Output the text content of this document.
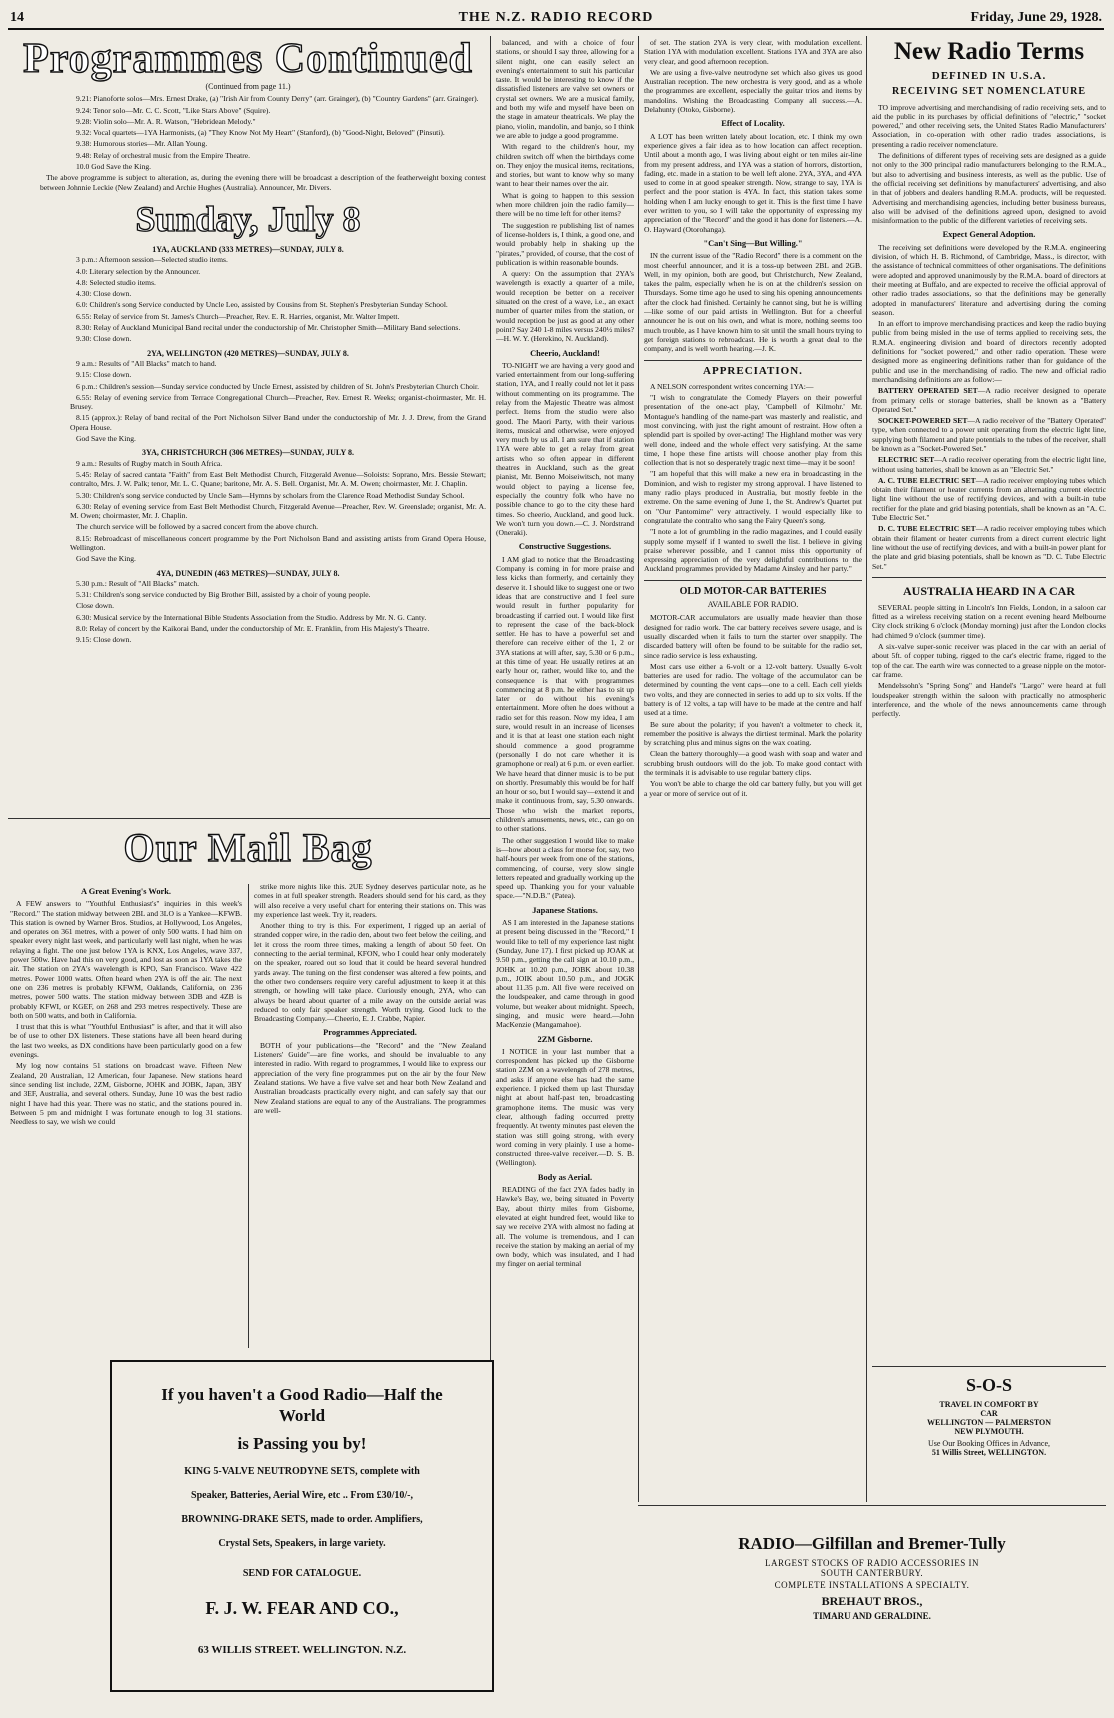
14	THE N.Z. RADIO RECORD	Friday, June 29, 1928.
Programmes Continued
(Continued from page 11.)

9.21: Pianoforte solos—Mrs. Ernest Drake, (a) "Irish Air from County Derry" (arr. Grainger), (b) "Country Gardens" (arr. Grainger).

9.24: Tenor solo—Mr. C. C. Scott, "Like Stars Above" (Squire).

9.28: Violin solo—Mr. A. R. Watson, "Hebridean Melody."

9.32: Vocal quartets—1YA Harmonists, (a) "They Know Not My Heart" (Stanford), (b) "Good-Night, Beloved" (Pinsuti).

9.38: Humorous stories—Mr. Allan Young.

9.48: Relay of orchestral music from the Empire Theatre.

10.0 God Save the King.

The above programme is subject to alteration, as, during the evening there will be broadcast a description of the featherweight boxing contest between Johnnie Leckie (New Zealand) and Archie Hughes (Australia). Announcer, Mr. Divers.

Sunday, July 8
1YA, AUCKLAND (333 METRES)—SUNDAY, JULY 8.

3 p.m.: Afternoon session—Selected studio items.

4.0: Literary selection by the Announcer.

4.8: Selected studio items.

4.30: Close down.

6.0: Children's song Service conducted by Uncle Leo, assisted by Cousins from St. Stephen's Presbyterian Sunday School.

6.55: Relay of service from St. James's Church—Preacher, Rev. E. R. Harries, organist, Mr. Walter Impett.

8.30: Relay of Auckland Municipal Band recital under the conductorship of Mr. Christopher Smith—Military Band selections.

9.30: Close down.

2YA, WELLINGTON (420 METRES)—SUNDAY, JULY 8.

9 a.m.: Results of "All Blacks" match to hand.

9.15: Close down.

6 p.m.: Children's session—Sunday service conducted by Uncle Ernest, assisted by children of St. John's Presbyterian Church Choir.

6.55: Relay of evening service from Terrace Congregational Church—Preacher, Rev. Ernest R. Weeks; organist-choirmaster, Mr. H. Brusey.

8.15 (approx.): Relay of band recital of the Port Nicholson Silver Band under the conductorship of Mr. J. J. Drew, from the Grand Opera House.

God Save the King.

3YA, CHRISTCHURCH (306 METRES)—SUNDAY, JULY 8.

9 a.m.: Results of Rugby match in South Africa.

5.45: Relay of sacred cantata "Faith" from East Belt Methodist Church, Fitzgerald Avenue—Soloists: Soprano, Mrs. Bessie Stewart; contralto, Mrs. J. W. Palk; tenor, Mr. L. C. Quane; baritone, Mr. A. S. Bell. Organist, Mr. A. M. Owen; choirmaster, Mr. J. Chaplin.

5.30: Children's song service conducted by Uncle Sam—Hymns by scholars from the Clarence Road Methodist Sunday School.

6.30: Relay of evening service from East Belt Methodist Church, Fitzgerald Avenue—Preacher, Rev. W. Greenslade; organist, Mr. A. M. Owen; choirmaster, Mr. J. Chaplin.

The church service will be followed by a sacred concert from the above church.

8.15: Rebroadcast of miscellaneous concert programme by the Port Nicholson Band and assisting artists from Grand Opera House, Wellington.

God Save the King.

4YA, DUNEDIN (463 METRES)—SUNDAY, JULY 8.

5.30 p.m.: Result of "All Blacks" match.

5.31: Children's song service conducted by Big Brother Bill, assisted by a choir of young people.

Close down.

6.30: Musical service by the International Bible Students Association from the Studio. Address by Mr. N. G. Canty.

8.0: Relay of concert by the Kaikorai Band, under the conductorship of Mr. E. Franklin, from His Majesty's Theatre.

9.15: Close down.

Our Mail Bag
A Great Evening's Work.

A FEW answers to "Youthful Enthusiast's" inquiries in this week's "Record." The station midway between 2BL and 3LO is a Yankee—KFWB. This station is owned by Warner Bros. Studios, at Hollywood, Los Angeles, and operates on 361 metres, with a power of only 500 watts. I had him on speaker every night last week, and particularly well last night, when he was relaying a fight. The one just below 1YA is KNX, Los Angeles, wave 337, power 500w. Have had this on very good, and lost as soon as 1YA takes the air. The station on 2YA's wavelength is KPO, San Francisco. Wave 422 metres. Power 1000 watts. Often heard when 2YA is off the air. The next one on 236 metres is probably KFWM, Oaklands, California, on 236 metres, power 500 watts. The station midway between 3DB and 4ZB is probably KFWI, or KGEF, on 268 and 293 metres respectively. These are both on 500 watts, and both in California.

I trust that this is what "Youthful Enthusiast" is after, and that it will also be of use to other DX listeners. These stations have all been heard during the last two weeks, as DX conditions have been particularly good on a few evenings.

My log now contains 51 stations on broadcast wave. Fifteen New Zealand, 20 Australian, 12 American, four Japanese. New stations heard since sending list include, 2ZM, Gisborne, JOHK and JOBK, Japan, 3BY and 3EF, Australia, and several others. Sunday, June 10 was the best radio night I have had this year. There was no static, and the stations poured in. Between 5 pm and midnight I was fortunate enough to log 31 stations. Needless to say, we wish we could

strike more nights like this. 2UE Sydney deserves particular note, as he comes in at full speaker strength. Readers should send for his card, as they will also receive a very useful chart for entering their stations on. This was my experience last week. Try it, readers.

Another thing to try is this. For experiment, I rigged up an aerial of stranded copper wire, in the radio den, about two feet below the ceiling, and let it cross the room three times, making a length of about 50 feet. On connecting to the aerial terminal, KFON, who I could hear only moderately on the speaker, roared out so loud that it could be heard several hundred yards away. The tuning on the first condenser was altered a few points, and the other two condensers require very careful adjustment to keep it at this strength, or howling will take place. Curiously enough, 2YA, who can always be heard about quarter of a mile away on the outside aerial was reduced to only fair speaker strength. Worth trying. Good luck to the Broadcasting Company.—Cheerio, E. J. Crabbe, Napier.

Programmes Appreciated.

BOTH of your publications—the "Record" and the "New Zealand Listeners' Guide"—are fine works, and should be invaluable to any interested in radio. With regard to programmes, I would like to express our appreciation of the very fine programmes put on the air by the four New Zealand stations. We have a five valve set and hear both New Zealand and Australian broadcasts practically every night, and can safely say that our New Zealand stations are equal to any of the Australians. The programmes are well-

If you haven't a Good Radio—Half the World
is Passing you by!
KING 5-VALVE NEUTRODYNE SETS, complete with
Speaker, Batteries, Aerial Wire, etc .. From £30/10/-,
BROWNING-DRAKE SETS, made to order. Amplifiers,
Crystal Sets, Speakers, in large variety.
SEND FOR CATALOGUE.
F. J. W. FEAR AND CO.,
63 WILLIS STREET. WELLINGTON. N.Z.

balanced, and with a choice of four stations, or should I say three, allowing for a silent night, one can easily select an evening's entertainment to suit his particular taste. It would be interesting to know if the dissatisfied listeners are valve set owners or crystal set owners. We are a musical family, and both my wife and myself have been on the stage in amateur theatricals. We play the piano, violin, mandolin, and banjo, so I think we are able to judge a good programme.

With regard to the children's hour, my children switch off when the birthdays come on. They enjoy the musical items, recitations, and stories, but want to know why so many want to hear their names over the air.

What is going to happen to this session when more children join the radio family—there will be no time left for other items?

The suggestion re publishing list of names of license-holders is, I think, a good one, and would probably help in shaking up the "pirates," provided, of course, that the cost of publication is within reasonable bounds.

A query: On the assumption that 2YA's wavelength is exactly a quarter of a mile, would reception be better on a receiver situated on the crest of a wave, i.e., an exact number of quarter miles from the station, or would reception be just as good at any other point? Say 240 1-8 miles versus 240½ miles?—H. W. Y. (Herekino, N. Auckland).

Cheerio, Auckland!

TO-NIGHT we are having a very good and varied entertainment from our long-suffering station, 1YA, and I really could not let it pass without commenting on its programme. The relay from the Majestic Theatre was almost perfect. Items from the studio were also good. The Maori Party, with their various items, musical and otherwise, were enjoyed very much by us all. I am sure that if station 1YA were able to get a relay from great artists who so often appear in different theatres in Auckland, such as the great pianist, Mr. Benno Moiseiwitsch, not many would object to paying a license fee, especially the country folk who have no possible chance to go to the city these hard times. So cheerio, Auckland, and good luck. We won't turn you down.—C. J. Nordstrand (Oneraki).

Constructive Suggestions.

I AM glad to notice that the Broadcasting Company is coming in for more praise and less kicks than formerly, and certainly they deserve it. I should like to suggest one or two ideas that are constructive and I feel sure would result in further popularity for broadcasting if carried out. I would like first to represent the case of the back-block settler. He has to have a powerful set and therefore can receive either of the 1, 2 or 3YA stations at will after, say, 5.30 or 6 p.m., at this time of year. He usually retires at an early hour or, rather, would like to, and the consequence is that with programmes commencing at 8 p.m. he either has to sit up later or do without his evening's entertainment. More often he does without a radio set for this reason. Now my idea, I am sure, would result in an increase of licenses and it is that at least one station each night should commence a good programme (personally I do not care whether it is gramophone or real) at 6 p.m. or even earlier. We have heard that dinner music is to be put on shortly. Presumably this would be for half an hour or so, but I would say—extend it and make it continuous from, say, 5.30 onwards. Those who wish the market reports, children's amusements, news, etc., can go on to other stations.

The other suggestion I would like to make is—how about a class for morse for, say, two half-hours per week from one of the stations, commencing, of course, very slow single letters repeated and gradually working up the speed up. Thanking you for your valuable space.—"N.D.B." (Patea).

Japanese Stations.

AS I am interested in the Japanese stations at present being discussed in the "Record," I would like to tell of my experience last night (Sunday, June 17). I first picked up JOAK at 9.50 p.m., getting the call sign at 10.10 p.m., JOHK at 10.20 p.m., JOBK about 10.38 p.m., JOIK about 10.50 p.m., and JOGK about 11.35 p.m. All five were received on the loudspeaker, and came through in good volume, but weaker about midnight. Speech, singing, and music were heard.—John MacKenzie (Mangamahoe).

2ZM Gisborne.

I NOTICE in your last number that a correspondent has picked up the Gisborne station 2ZM on a wavelength of 278 metres, and asks if anyone else has had the same experience. I picked them up last Thursday night at about half-past ten, broadcasting gramophone items. The music was very clear, although fading occurred pretty frequently. At twenty minutes past eleven the station was still going strong, with every word coming in very plainly. I use a home-constructed three-valve receiver.—D. S. B. (Wellington).

Body as Aerial.

READING of the fact 2YA fades badly in Hawke's Bay, we, being situated in Poverty Bay, about thirty miles from Gisborne, elevated at eight hundred feet, would like to say we receive 2YA with almost no fading at all. The volume is tremendous, and I can receive the station by making an aerial of my own body, which was insulated, and I had my finger on aerial terminal

of set. The station 2YA is very clear, with modulation excellent. Station 1YA with modulation excellent. Stations 1YA and 3YA are also very clear, and good afternoon reception.

We are using a five-valve neutrodyne set which also gives us good Australian reception. The new orchestra is very good, and as a whole the programmes are excellent, especially the guitar trios and items by mandolins. Wishing the Broadcasting Company all success.—A. Delahunty (Otoko, Gisborne).

Effect of Locality.

A LOT has been written lately about location, etc. I think my own experience gives a fair idea as to how location can affect reception. Until about a month ago, I was living about eight or ten miles air-line from my present address, and 1YA was a station of horrors, distortion, fading, etc. made in a station to be well left alone. 2YA, 3YA, and 4YA used to come in at good speaker strength. Now, strange to say, 1YA is perfect and the poor station is 4YA. In fact, this station takes some holding when I am lucky enough to get it. This is the first time I have ever written to you, so I will take the opportunity of expressing my appreciation of the "Record" and the good it has done for listeners.—A. O. Hayward (Otorohanga).

"Can't Sing—But Willing."

IN the current issue of the "Radio Record" there is a comment on the most cheerful announcer, and it is a toss-up between 2BL and 2GB. Well, in my opinion, both are good, but Christchurch, New Zealand, takes the palm, especially when he is on at the children's session on Thursdays. Some time ago he used to sing his opening announcements after the clock had finished. Certainly he cannot sing, but he is willing—like some of our paid artists in Wellington. But for a cheerful announcer he is out on his own, and what is more, nothing seems too much trouble, as I have known him to sit until the small hours trying to get foreign stations to rebroadcast. He is worth a great deal to the company, and is well worth hearing.—J. K.

APPRECIATION.

A NELSON correspondent writes concerning 1YA:—

"I wish to congratulate the Comedy Players on their powerful presentation of the one-act play, 'Campbell of Kilmohr.' Mr. Montague's handling of the name-part was masterly and realistic, and most convincing, with just the right amount of restraint. How often a splendid part is spoiled by over-acting! The Highland mother was very well done, indeed and the whole effect very satisfying. At the same time, I hope these fine artists will choose another play from this collection that is not so desperately tragic next time—may it be soon!

"I am hopeful that this will make a new era in broadcasting in the Dominion, and wish to register my strong approval. I have listened to many radio plays produced in Australia, but mostly feeble in the extreme. On the same evening of June 1, the St. Andrew's Quartet put on "Our Pantomime" very attractively. I would especially like to congratulate the contralto who sang the Fairy Queen's song.

"I note a lot of grumbling in the radio magazines, and I could easily supply some myself if I wanted to swell the list. I believe in giving praise wherever possible, and I cannot miss this opportunity of expressing appreciation of the very delightful contributions to the Auckland programmes provided by Madame Ainsley and her party."

OLD MOTOR-CAR BATTERIES
AVAILABLE FOR RADIO.

MOTOR-CAR accumulators are usually made heavier than those designed for radio work. The car battery receives severe usage, and is usually discarded when it fails to turn the starter over snappily. The discarded battery will often be found to be suitable for the radio set, since radio service is less exhausting.

Most cars use either a 6-volt or a 12-volt battery. Usually 6-volt batteries are used for radio. The voltage of the accumulator can be determined by counting the vent caps—one to a cell. Each cell yields two volts, and they are connected in series to add up to six volts. If the battery is of 12 volts, a tap will have to be made at the centre and half used at a time.

Be sure about the polarity; if you haven't a voltmeter to check it, remember the positive is always the dirtiest terminal. Mark the polarity by scratching plus and minus signs on the wax coating.

Clean the battery thoroughly—a good wash with soap and water and scrubbing brush outdoors will do the job. To make good contact with the terminals it is advisable to use regular battery clips.

You won't be able to charge the old car battery fully, but you will get a year or more of service out of it.

New Radio Terms
DEFINED IN U.S.A.
RECEIVING SET NOMENCLATURE

TO improve advertising and merchandising of radio receiving sets, and to aid the public in its purchases by official definitions of "electric," "socket powered," and other receiving sets, the United States Radio Manufacturers' Association, in co-operation with other radio trades associations, is presenting a radio receiver nomenclature.

The definitions of different types of receiving sets are designed as a guide not only to the 300 principal radio manufacturers belonging to the R.M.A., but also to advertising and business interests, as well as the public. Use of the official receiving set definitions by manufacturers' advertising, and also in that of jobbers and dealers handling R.M.A. products, will be requested. Advertising and merchandising agencies, including better business bureaus, also will be advised of the definitions agreed upon, designed to avoid misinformation to the public of the different varieties of receiving sets.

Expect General Adoption.

The receiving set definitions were developed by the R.M.A. engineering division, of which H. B. Richmond, of Cambridge, Mass., is director, with the assistance of technical committees of other organisations. The definitions were adopted and approved unanimously by the R.M.A. board of directors at their meeting at Buffalo, and are expected to receive the official approval of other radio trades associations, so that the definitions may be generally adopted in manufacturers' literature and advertising during the coming season.

In an effort to improve merchandising practices and keep the radio buying public from being misled in the use of terms applied to receiving sets, the R.M.A. engineering division and board of directors recently adopted definitions for "socket powered," and other radio operation. These were designed more as engineering definitions rather than for guidance of the public and use in the merchandising of radio. The new and official radio merchandising definitions are as follow:—

BATTERY OPERATED SET—A radio receiver designed to operate from primary cells or storage batteries, shall be known as a "Battery Operated Set."

SOCKET-POWERED SET—A radio receiver of the "Battery Operated" type, when connected to a power unit operating from the electric light line, supplying both filament and plate potentials to the tubes of the receiver, shall be known as a "Socket-Powered Set."

ELECTRIC SET—A radio receiver operating from the electric light line, without using batteries, shall be known as an "Electric Set."

A. C. TUBE ELECTRIC SET—A radio receiver employing tubes which obtain their filament or heater currents from an alternating current electric light line without the use of rectifying devices, and with a built-in tube rectifier for the plate and grid biasing potentials, shall be known as an "A. C. Tube Electric Set."

D. C. TUBE ELECTRIC SET—A radio receiver employing tubes which obtain their filament or heater currents from a direct current electric light line without the use of rectifying devices, and with a built-in power plant for the plate and grid biasing potentials, shall be known as "D. C. Tube Electric Set."

AUSTRALIA HEARD IN A CAR

SEVERAL people sitting in Lincoln's Inn Fields, London, in a saloon car fitted as a wireless receiving station on a recent evening heard Melbourne City clock striking 6 o'clock (Monday morning) just after the London clocks had chimed 9 o'clock (summer time).

A six-valve super-sonic receiver was placed in the car with an aerial of about 5ft. of copper tubing, rigged to the car's electric frame, rigged to the top of the car. The earth wire was connected to a grease nipple on the motor-car frame.

Mendelssohn's "Spring Song" and Handel's "Largo" were heard at full loudspeaker strength within the saloon with practically no atmospheric interference, and the whole of the news announcements came through perfectly.

S-O-S
TRAVEL IN COMFORT BY
CAR
WELLINGTON — PALMERSTON
NEW PLYMOUTH.
Use Our Booking Offices in Advance,
51 Willis Street, WELLINGTON.
RADIO—Gilfillan and Bremer-Tully
LARGEST STOCKS OF RADIO ACCESSORIES IN
SOUTH CANTERBURY.
COMPLETE INSTALLATIONS A SPECIALTY.
BREHAUT BROS.,
TIMARU AND GERALDINE.
